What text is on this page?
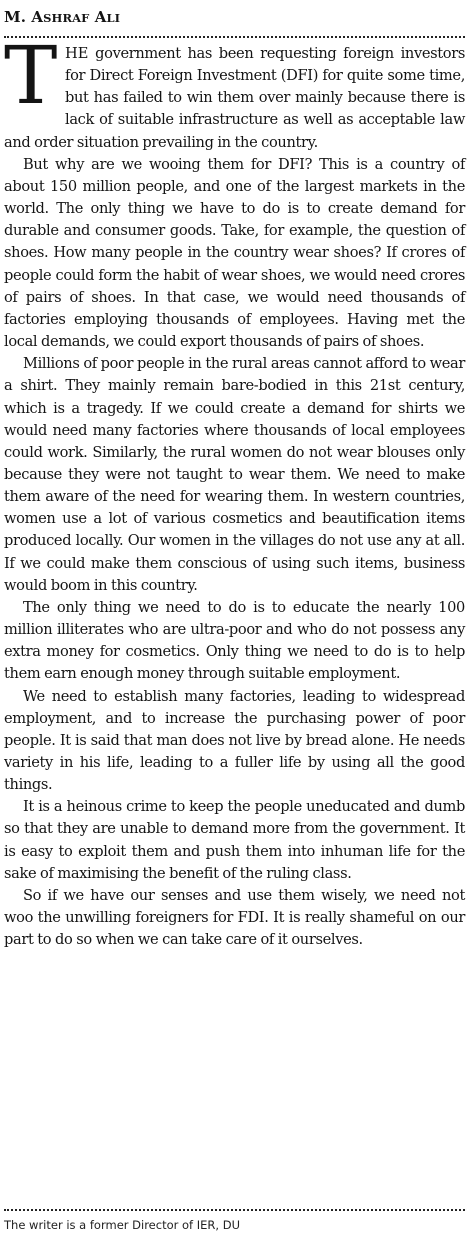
M. ASHRAF ALI

THE government has been requesting foreign investors for Direct Foreign Investment (DFI) for quite some time, but has failed to win them over mainly because there is lack of suitable infrastructure as well as acceptable law and order situation prevailing in the country.

But why are we wooing them for DFI? This is a country of about 150 million people, and one of the largest markets in the world. The only thing we have to do is to create demand for durable and consumer goods. Take, for example, the question of shoes. How many people in the country wear shoes? If crores of people could form the habit of wear shoes, we would need crores of pairs of shoes. In that case, we would need thousands of factories employing thousands of employees. Having met the local demands, we could export thousands of pairs of shoes.

Millions of poor people in the rural areas cannot afford to wear a shirt. They mainly remain bare-bodied in this 21st century, which is a tragedy. If we could create a demand for shirts we would need many factories where thousands of local employees could work. Similarly, the rural women do not wear blouses only because they were not taught to wear them. We need to make them aware of the need for wearing them. In western countries, women use a lot of various cosmetics and beautification items produced locally. Our women in the villages do not use any at all. If we could make them conscious of using such items, business would boom in this country.

The only thing we need to do is to educate the nearly 100 million illiterates who are ultra-poor and who do not possess any extra money for cosmetics. Only thing we need to do is to help them earn enough money through suitable employment.

We need to establish many factories, leading to widespread employment, and to increase the purchasing power of poor people. It is said that man does not live by bread alone. He needs variety in his life, leading to a fuller life by using all the good things.

It is a heinous crime to keep the people uneducated and dumb so that they are unable to demand more from the government. It is easy to exploit them and push them into inhuman life for the sake of maximising the benefit of the ruling class.

So if we have our senses and use them wisely, we need not woo the unwilling foreigners for FDI. It is really shameful on our part to do so when we can take care of it ourselves.

The writer is a former Director of IER, DU
